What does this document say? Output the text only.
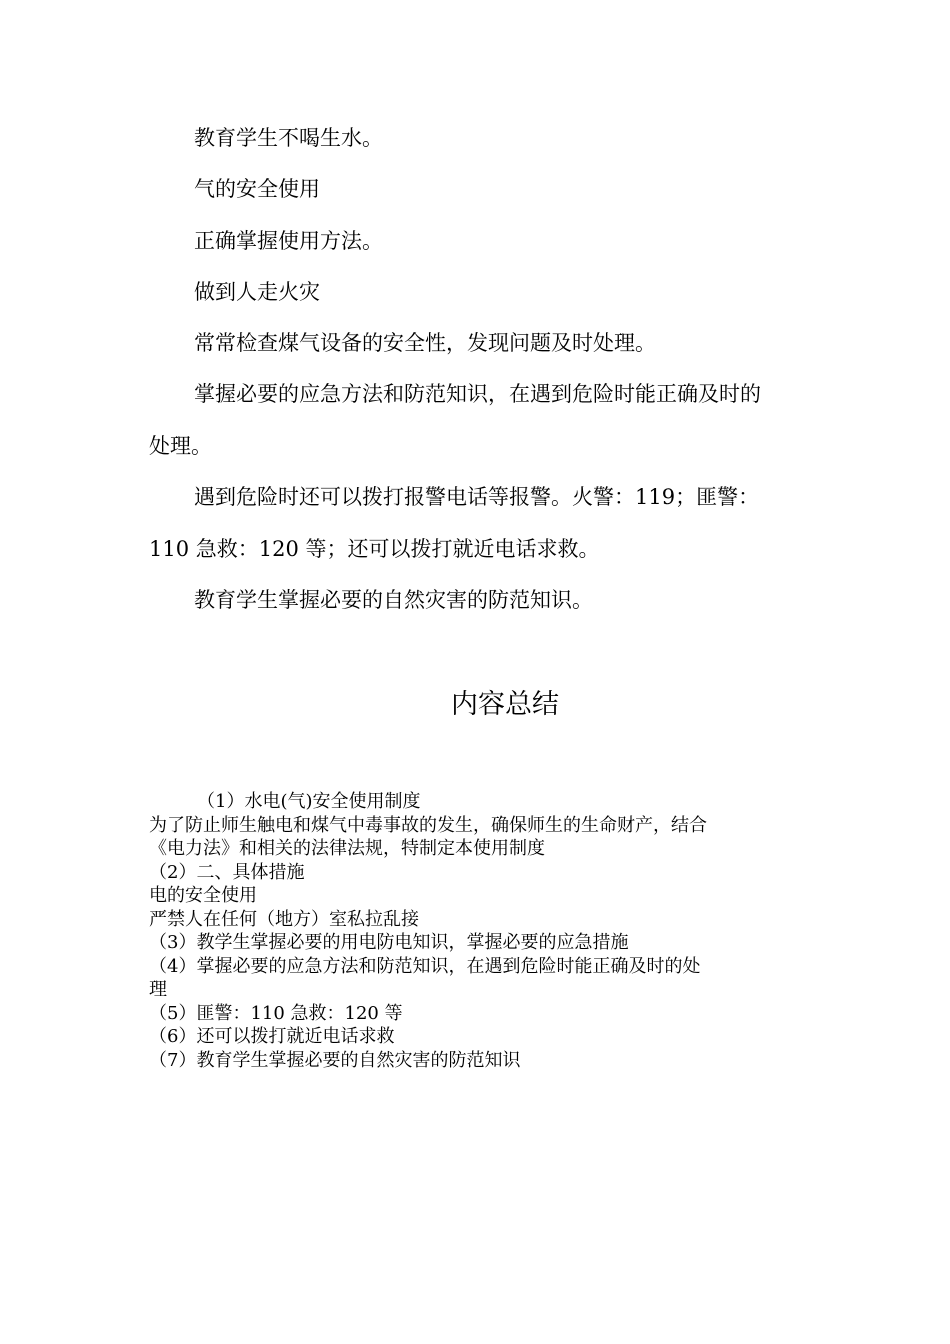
教育学生不喝生水。
气的安全使用
正确掌握使用方法。
做到人走火灾
常常检查煤气设备的安全性，发现问题及时处理。
掌握必要的应急方法和防范知识，在遇到危险时能正确及时的
处理。
遇到危险时还可以拨打报警电话等报警。火警：119；匪警：
110 急救：120 等；还可以拨打就近电话求救。
教育学生掌握必要的自然灾害的防范知识。
内容总结
（1）水电(气)安全使用制度
为了防止师生触电和煤气中毒事故的发生，确保师生的生命财产，结合
《电力法》和相关的法律法规，特制定本使用制度
（2）二、具体措施
电的安全使用
严禁人在任何（地方）室私拉乱接
（3）教学生掌握必要的用电防电知识，掌握必要的应急措施
（4）掌握必要的应急方法和防范知识，在遇到危险时能正确及时的处
理
（5）匪警：110 急救：120 等
（6）还可以拨打就近电话求救
（7）教育学生掌握必要的自然灾害的防范知识
